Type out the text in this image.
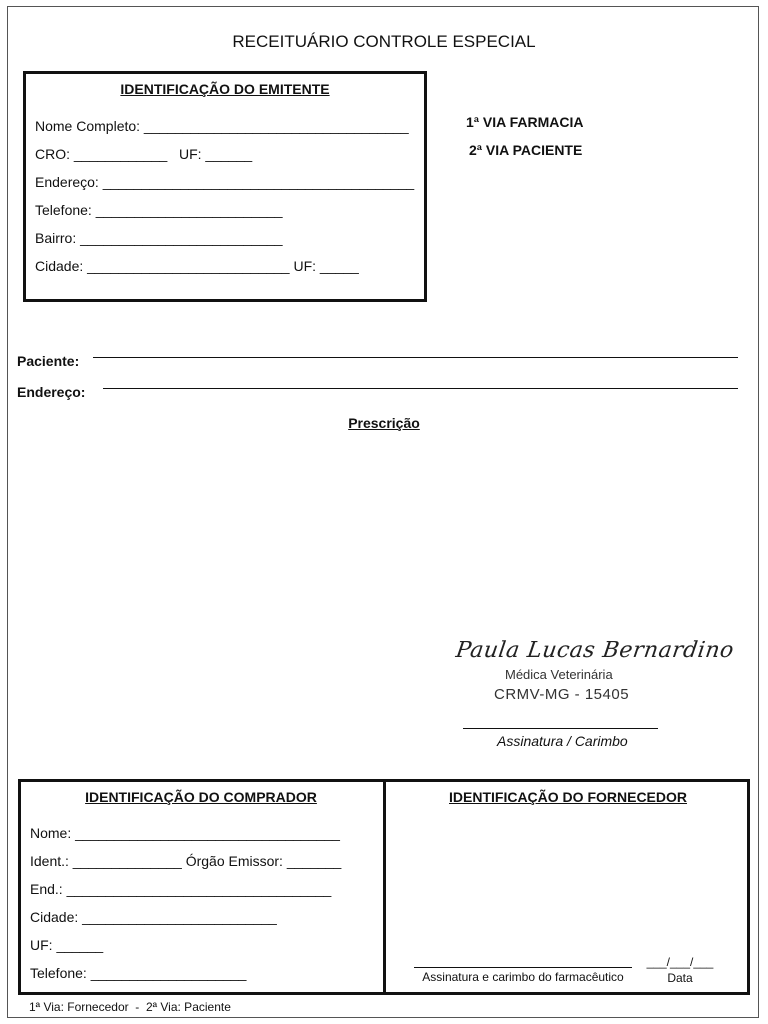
RECEITUÁRIO CONTROLE ESPECIAL
IDENTIFICAÇÃO DO EMITENTE
Nome Completo: __________________________________
CRO: ____________   UF: ______
Endereço: ________________________________________
Telefone: ________________________
Bairro: __________________________
Cidade: __________________________ UF: _____
1ª VIA FARMACIA
2ª VIA PACIENTE
Paciente:
Endereço:
Prescrição
Paula Lucas Bernardino
Médica Veterinária
CRMV-MG - 15405
Assinatura / Carimbo
IDENTIFICAÇÃO DO COMPRADOR
Nome: __________________________________
Ident.: ______________ Órgão Emissor: _______
End.: __________________________________
Cidade: _________________________
UF: ______
Telefone: ____________________
IDENTIFICAÇÃO DO FORNECEDOR
Assinatura e carimbo do farmacêutico
___/___/___
Data
1ª Via: Fornecedor  -  2ª Via: Paciente
